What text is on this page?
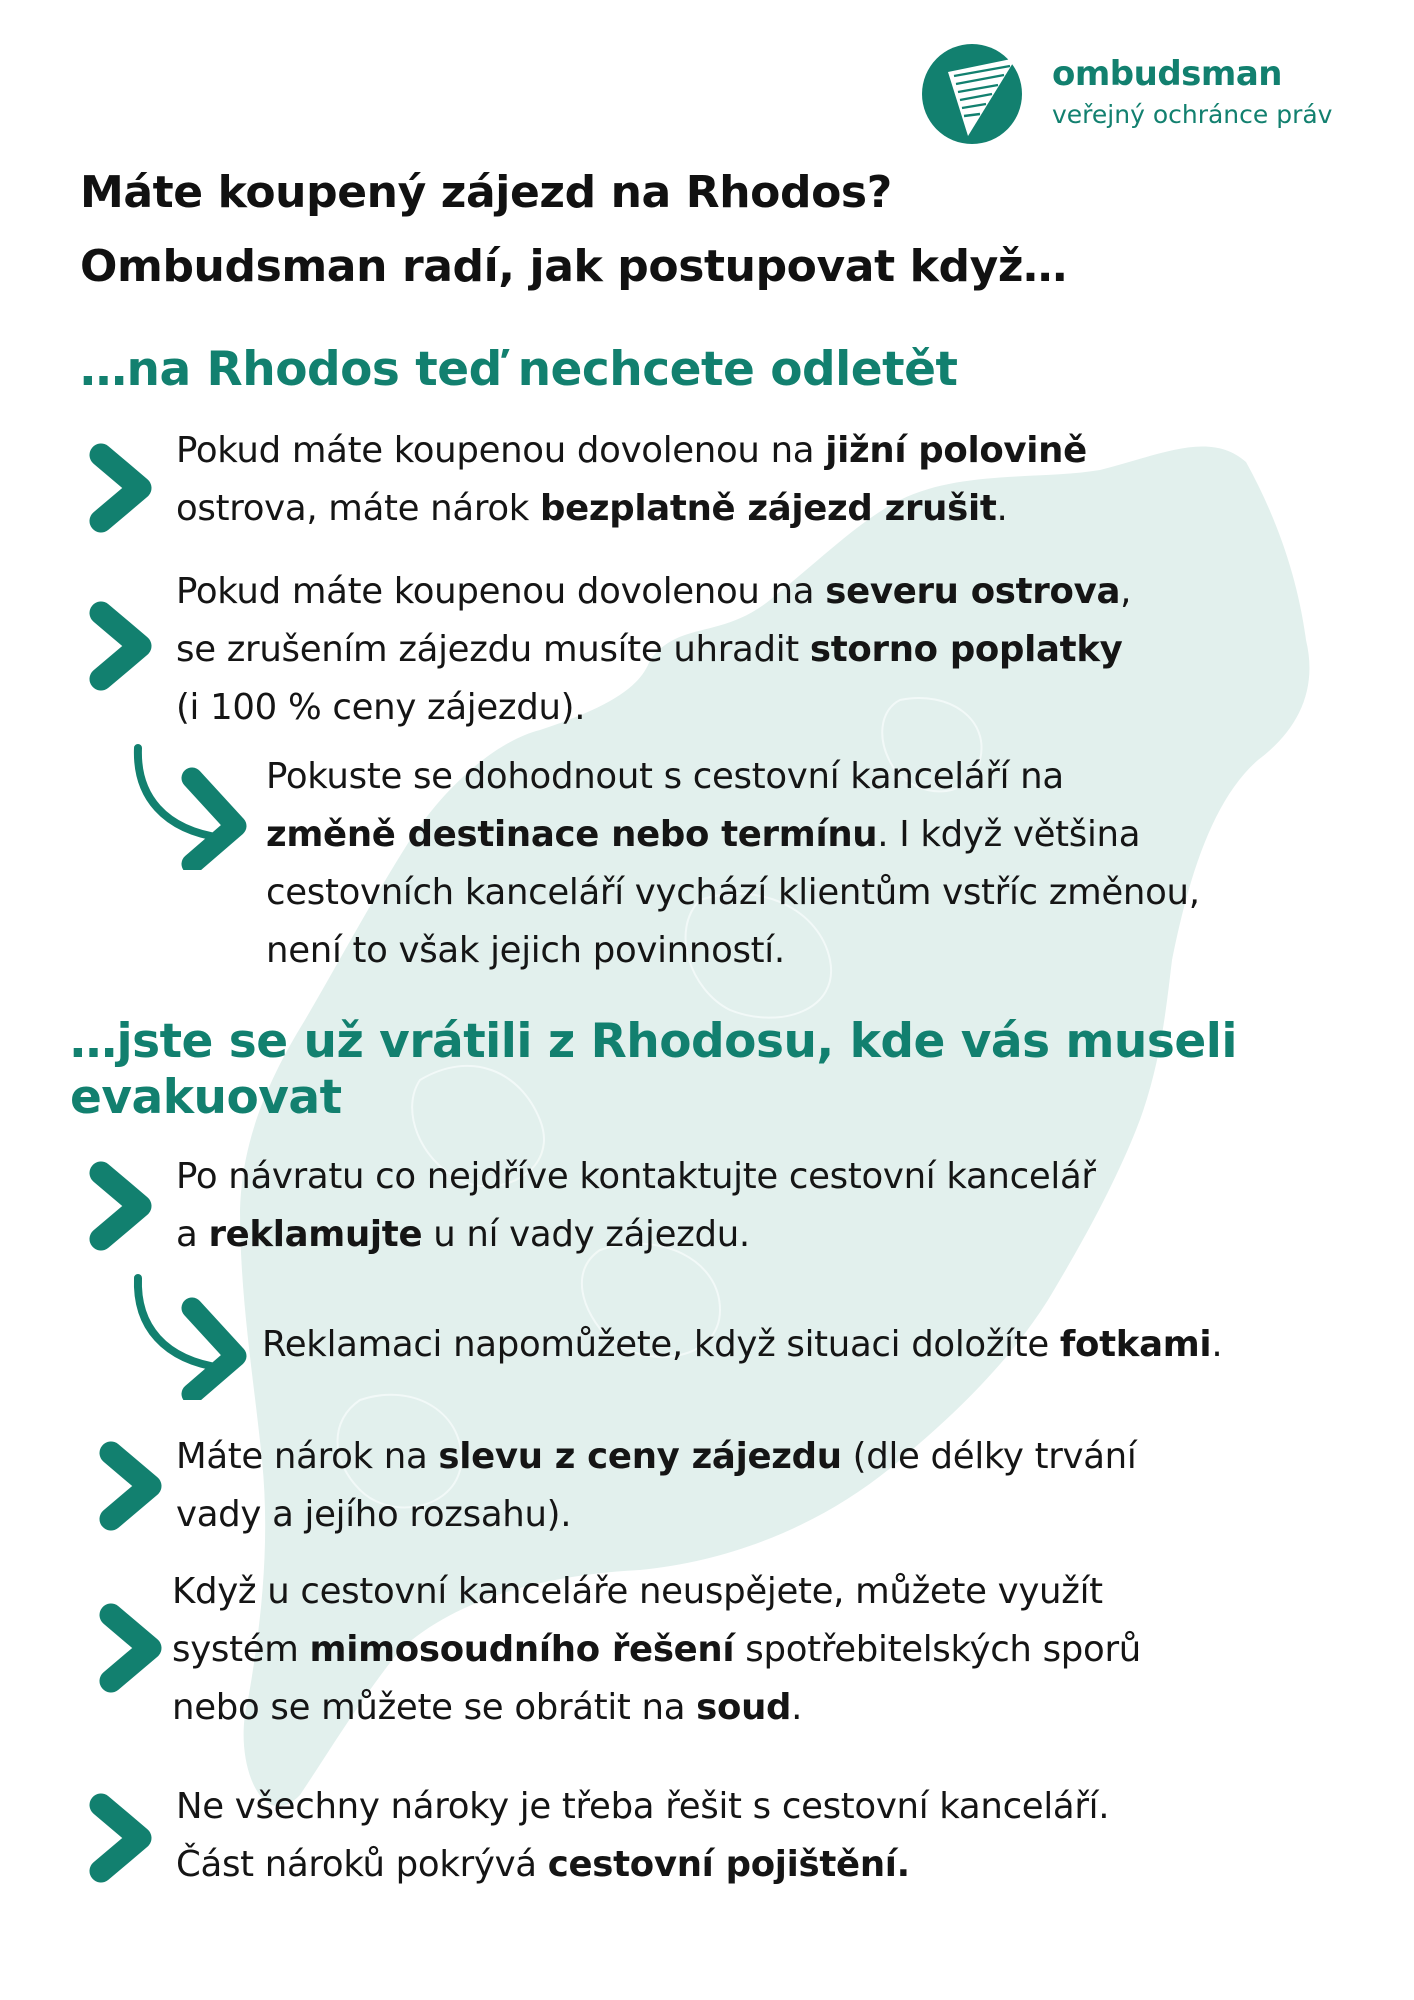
ombudsman
veřejný ochránce práv
Máte koupený zájezd na Rhodos?
Ombudsman radí, jak postupovat když…
…na Rhodos teď nechcete odletět
Pokud máte koupenou dovolenou na jižní polovině
ostrova, máte nárok bezplatně zájezd zrušit.
Pokud máte koupenou dovolenou na severu ostrova,
se zrušením zájezdu musíte uhradit storno poplatky
(i 100 % ceny zájezdu).
Pokuste se dohodnout s cestovní kanceláří na
změně destinace nebo termínu. I když většina
cestovních kanceláří vychází klientům vstříc změnou,
není to však jejich povinností.
…jste se už vrátili z Rhodosu, kde vás museli evakuovat
Po návratu co nejdříve kontaktujte cestovní kancelář
a reklamujte u ní vady zájezdu.
Reklamaci napomůžete, když situaci doložíte fotkami.
Máte nárok na slevu z ceny zájezdu (dle délky trvání
vady a jejího rozsahu).
Když u cestovní kanceláře neuspějete, můžete využít
systém mimosoudního řešení spotřebitelských sporů
nebo se můžete se obrátit na soud.
Ne všechny nároky je třeba řešit s cestovní kanceláří.
Část nároků pokrývá cestovní pojištění.
